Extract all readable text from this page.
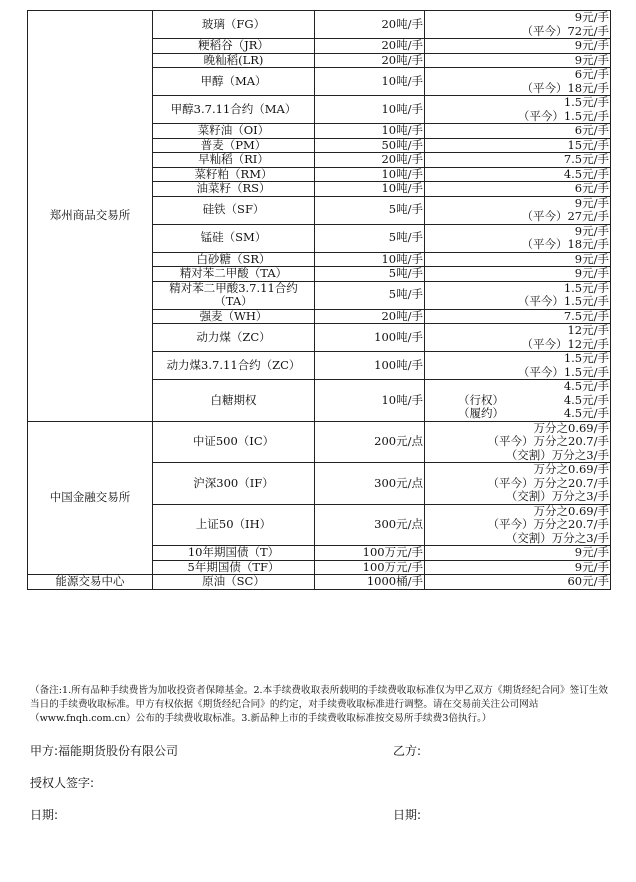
郑州商品交易所	玻璃（FG）	20吨/手	9元/手
（平今）72元/手

	粳稻谷（JR）	20吨/手	9元/手

	晚籼稻(LR)	20吨/手	9元/手

	甲醇（MA）	10吨/手	6元/手
（平今）18元/手

	甲醇3.7.11合约（MA）	10吨/手	1.5元/手
（平今）1.5元/手

	菜籽油（OI）	10吨/手	6元/手

	普麦（PM）	50吨/手	15元/手

	早籼稻（RI）	20吨/手	7.5元/手

	菜籽粕（RM）	10吨/手	4.5元/手

	油菜籽（RS）	10吨/手	6元/手

	硅铁（SF）	5吨/手	9元/手
（平今）27元/手

	锰硅（SM）	5吨/手	9元/手
（平今）18元/手

	白砂糖（SR）	10吨/手	9元/手

	精对苯二甲酸（TA）	5吨/手	9元/手

	精对苯二甲酸3.7.11合约（TA）	5吨/手	1.5元/手
（平今）1.5元/手

	强麦（WH）	20吨/手	7.5元/手

	动力煤（ZC）	100吨/手	12元/手
（平今）12元/手

	动力煤3.7.11合约（ZC）	100吨/手	1.5元/手
（平今）1.5元/手

	白糖期权	10吨/手	4.5元/手
（行权） 4.5元/手
（履约） 4.5元/手

中国金融交易所	中证500（IC）	200元/点	万分之0.69/手
（平今）万分之20.7/手
（交割）万分之3/手

	沪深300（IF）	300元/点	万分之0.69/手
（平今）万分之20.7/手
（交割）万分之3/手

	上证50（IH）	300元/点	万分之0.69/手
（平今）万分之20.7/手
（交割）万分之3/手

	10年期国债（T）	100万元/手	9元/手

	5年期国债（TF）	100万元/手	9元/手

能源交易中心	原油（SC）	1000桶/手	60元/手

（备注:1.所有品种手续费皆为加收投资者保障基金。2.本手续费收取表所载明的手续费收取标准仅为甲乙双方《期货经纪合同》签订生效当日的手续费收取标准。甲方有权依据《期货经纪合同》的约定，对手续费收取标准进行调整。请在交易前关注公司网站（www.fnqh.com.cn）公布的手续费收取标准。3.新品种上市的手续费收取标准按交易所手续费3倍执行。）

甲方:福能期货股份有限公司	乙方:
授权人签字:
日期:	日期:
